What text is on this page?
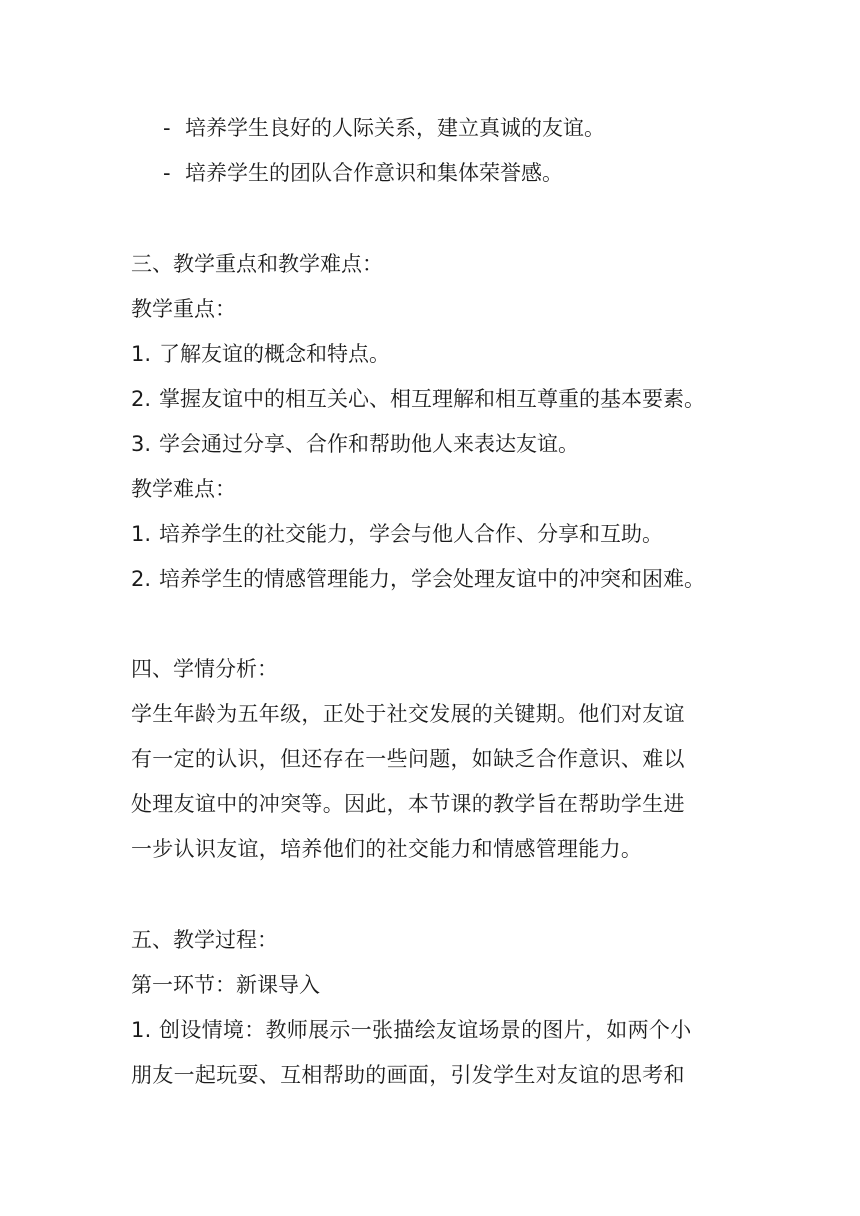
- 培养学生良好的人际关系，建立真诚的友谊。
- 培养学生的团队合作意识和集体荣誉感。
三、教学重点和教学难点：
教学重点：
1. 了解友谊的概念和特点。
2. 掌握友谊中的相互关心、相互理解和相互尊重的基本要素。
3. 学会通过分享、合作和帮助他人来表达友谊。
教学难点：
1. 培养学生的社交能力，学会与他人合作、分享和互助。
2. 培养学生的情感管理能力，学会处理友谊中的冲突和困难。
四、学情分析：
学生年龄为五年级，正处于社交发展的关键期。他们对友谊
有一定的认识，但还存在一些问题，如缺乏合作意识、难以
处理友谊中的冲突等。因此，本节课的教学旨在帮助学生进
一步认识友谊，培养他们的社交能力和情感管理能力。
五、教学过程：
第一环节：新课导入
1. 创设情境：教师展示一张描绘友谊场景的图片，如两个小
朋友一起玩耍、互相帮助的画面，引发学生对友谊的思考和
